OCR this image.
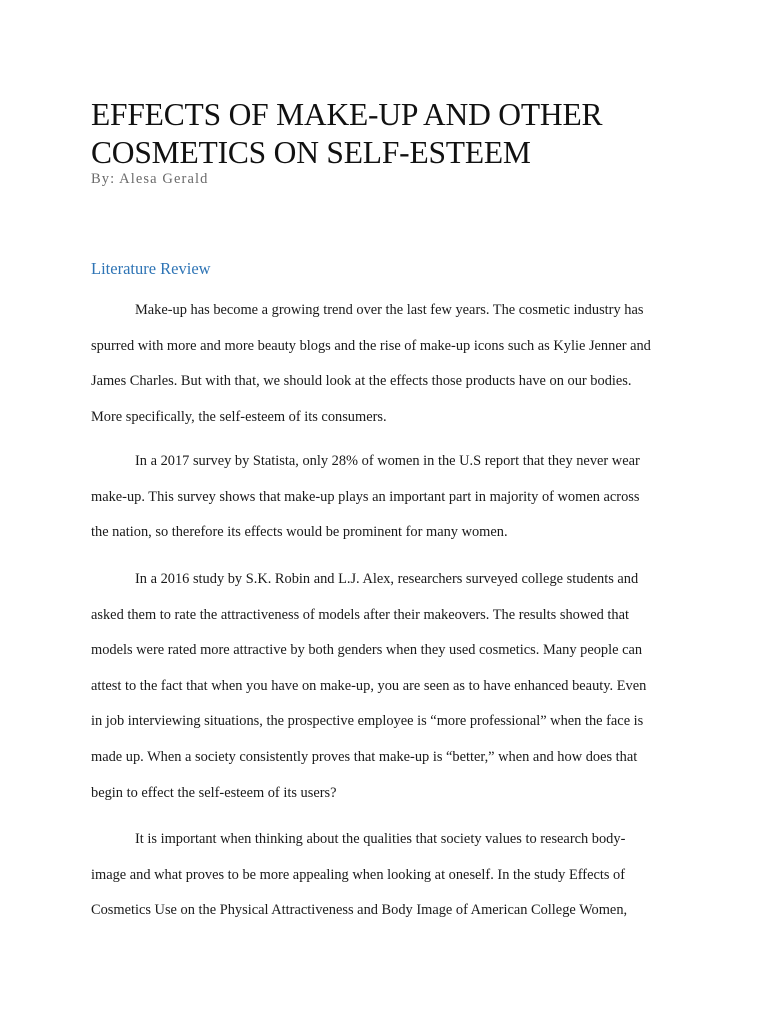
EFFECTS OF MAKE-UP AND OTHER
COSMETICS ON SELF-ESTEEM
By: Alesa Gerald
Literature Review

Make-up has become a growing trend over the last few years. The cosmetic industry has
spurred with more and more beauty blogs and the rise of make-up icons such as Kylie Jenner and
James Charles. But with that, we should look at the effects those products have on our bodies.
More specifically, the self-esteem of its consumers.

In a 2017 survey by Statista, only 28% of women in the U.S report that they never wear
make-up. This survey shows that make-up plays an important part in majority of women across
the nation, so therefore its effects would be prominent for many women.

In a 2016 study by S.K. Robin and L.J. Alex, researchers surveyed college students and
asked them to rate the attractiveness of models after their makeovers. The results showed that
models were rated more attractive by both genders when they used cosmetics. Many people can
attest to the fact that when you have on make-up, you are seen as to have enhanced beauty. Even
in job interviewing situations, the prospective employee is “more professional” when the face is
made up. When a society consistently proves that make-up is “better,” when and how does that
begin to effect the self-esteem of its users?

It is important when thinking about the qualities that society values to research body-
image and what proves to be more appealing when looking at oneself. In the study Effects of
Cosmetics Use on the Physical Attractiveness and Body Image of American College Women,
